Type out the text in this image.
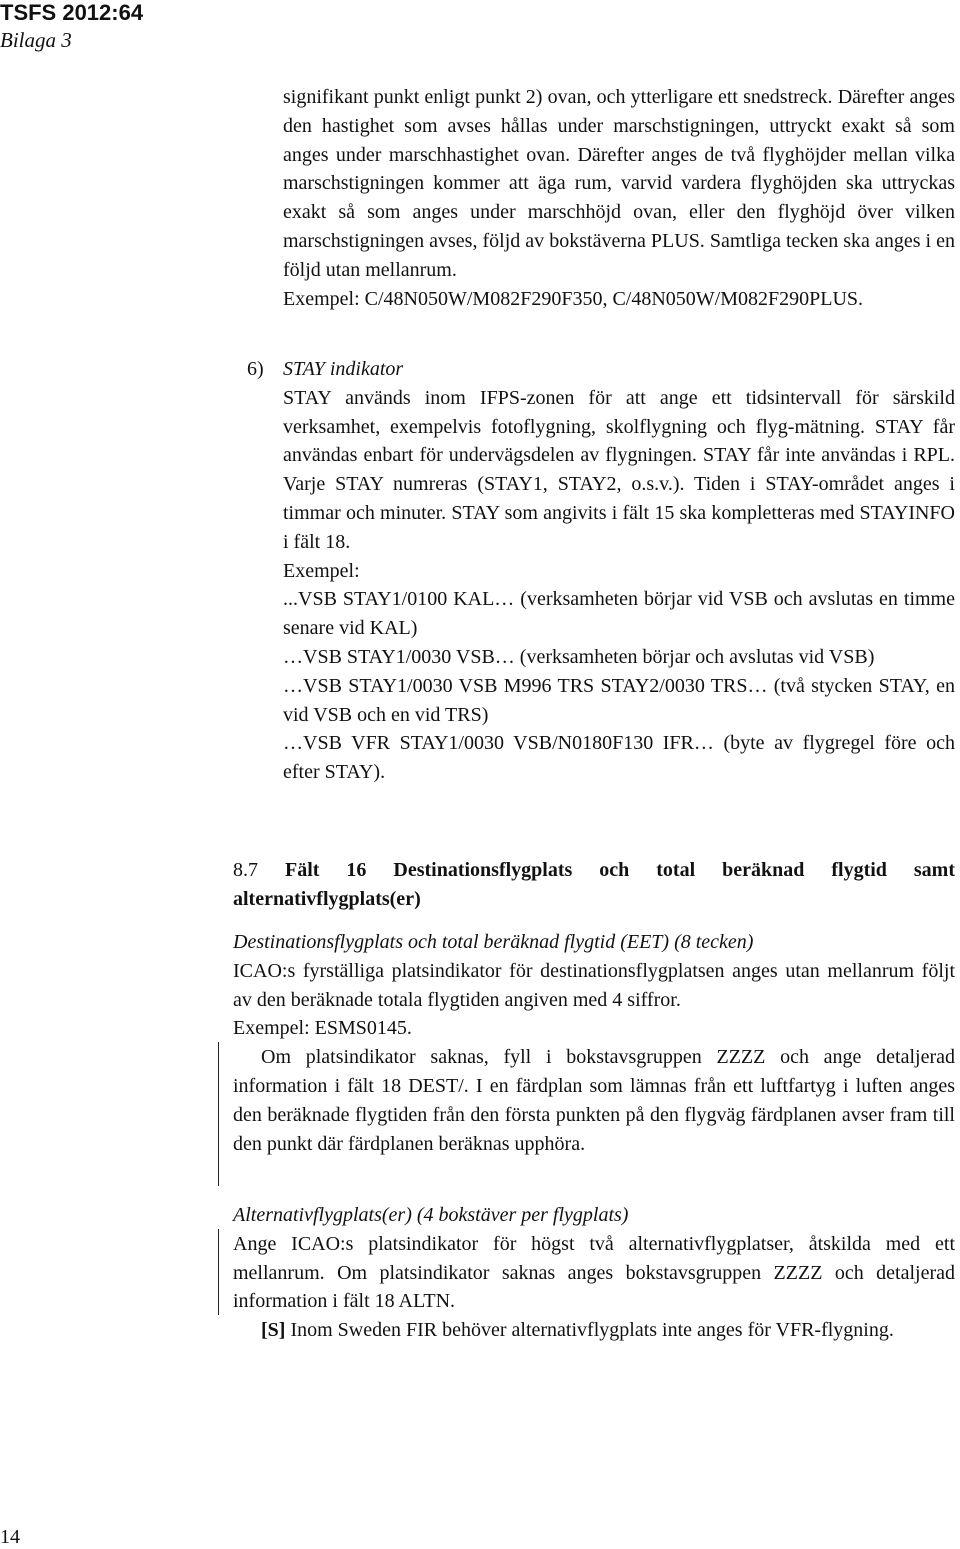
TSFS 2012:64
Bilaga 3

signifikant punkt enligt punkt 2) ovan, och ytterligare ett snedstreck. Därefter anges den hastighet som avses hållas under marschstigningen, uttryckt exakt så som anges under marschhastighet ovan. Därefter anges de två flyghöjder mellan vilka marschstigningen kommer att äga rum, varvid vardera flyghöjden ska uttryckas exakt så som anges under marschhöjd ovan, eller den flyghöjd över vilken marschstigningen avses, följd av bokstäverna PLUS. Samtliga tecken ska anges i en följd utan mellanrum.

Exempel: C/48N050W/M082F290F350, C/48N050W/M082F290PLUS.

6) STAY indikator

STAY används inom IFPS-zonen för att ange ett tidsintervall för särskild verksamhet, exempelvis fotoflygning, skolflygning och flyg-mätning. STAY får användas enbart för undervägsdelen av flygningen. STAY får inte användas i RPL. Varje STAY numreras (STAY1, STAY2, o.s.v.). Tiden i STAY-området anges i timmar och minuter. STAY som angivits i fält 15 ska kompletteras med STAYINFO i fält 18.

Exempel:

...VSB STAY1/0100 KAL… (verksamheten börjar vid VSB och avslutas en timme senare vid KAL)

…VSB STAY1/0030 VSB… (verksamheten börjar och avslutas vid VSB)

…VSB STAY1/0030 VSB M996 TRS STAY2/0030 TRS… (två stycken STAY, en vid VSB och en vid TRS)

…VSB VFR STAY1/0030 VSB/N0180F130 IFR… (byte av flygregel före och efter STAY).

8.7 Fält 16 Destinationsflygplats och total beräknad flygtid samt
alternativflygplats(er)

Destinationsflygplats och total beräknad flygtid (EET) (8 tecken)

ICAO:s fyrställiga platsindikator för destinationsflygplatsen anges utan mellanrum följt av den beräknade totala flygtiden angiven med 4 siffror.

Exempel: ESMS0145.

Om platsindikator saknas, fyll i bokstavsgruppen ZZZZ och ange detaljerad information i fält 18 DEST/. I en färdplan som lämnas från ett luftfartyg i luften anges den beräknade flygtiden från den första punkten på den flygväg färdplanen avser fram till den punkt där färdplanen beräknas upphöra.

Alternativflygplats(er) (4 bokstäver per flygplats)

Ange ICAO:s platsindikator för högst två alternativflygplatser, åtskilda med ett mellanrum. Om platsindikator saknas anges bokstavsgruppen ZZZZ och detaljerad information i fält 18 ALTN.

[S] Inom Sweden FIR behöver alternativflygplats inte anges för VFR-flygning.

14
